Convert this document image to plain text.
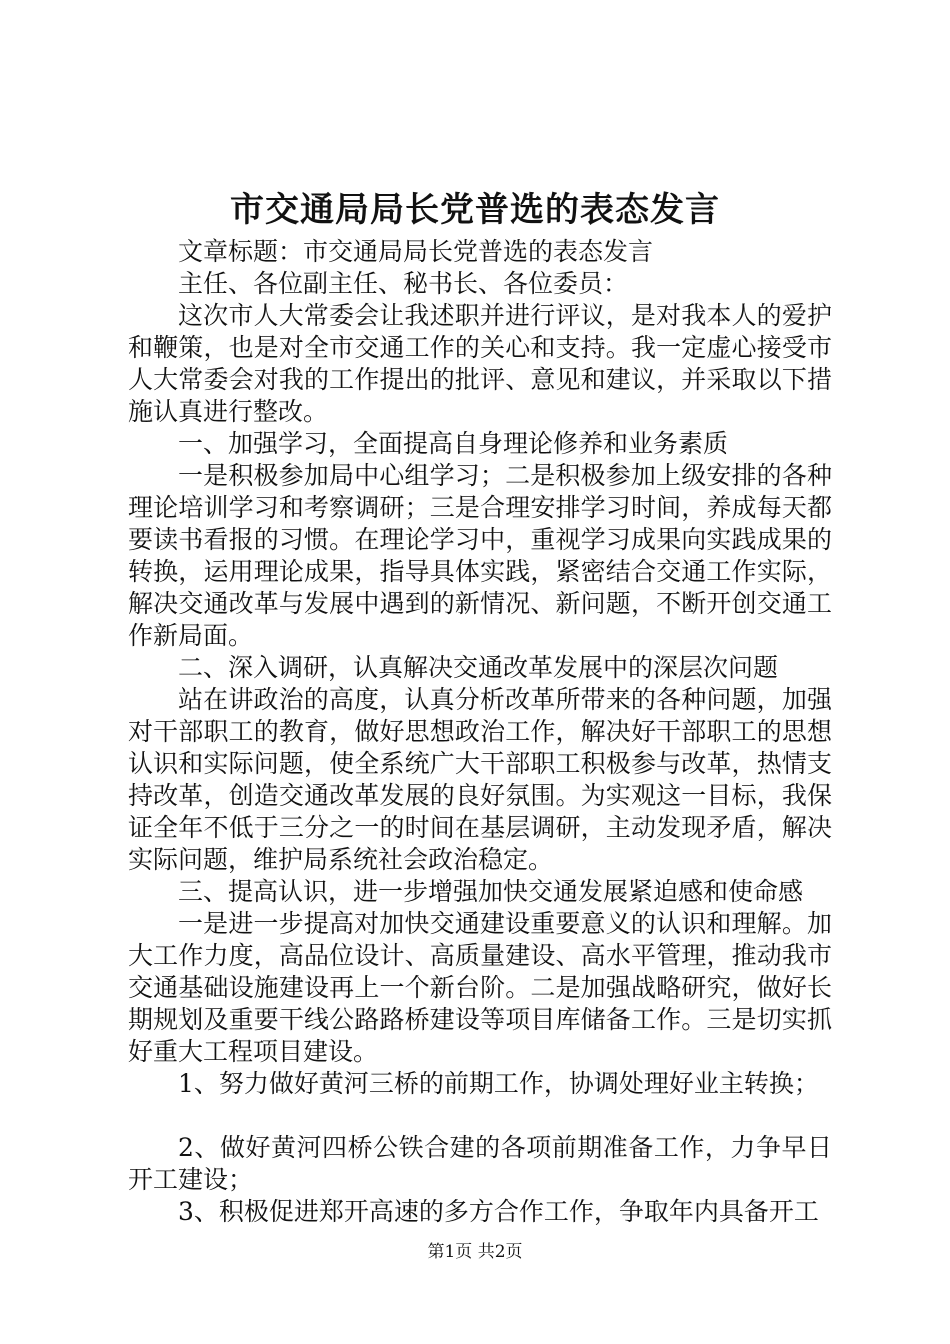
市交通局局长党普选的表态发言

文章标题：市交通局局长党普选的表态发言

主任、各位副主任、秘书长、各位委员：

这次市人大常委会让我述职并进行评议，是对我本人的爱护和鞭策，也是对全市交通工作的关心和支持。我一定虚心接受市人大常委会对我的工作提出的批评、意见和建议，并采取以下措施认真进行整改。

一、加强学习，全面提高自身理论修养和业务素质

一是积极参加局中心组学习；二是积极参加上级安排的各种理论培训学习和考察调研；三是合理安排学习时间，养成每天都要读书看报的习惯。在理论学习中，重视学习成果向实践成果的转换，运用理论成果，指导具体实践，紧密结合交通工作实际，解决交通改革与发展中遇到的新情况、新问题，不断开创交通工作新局面。

二、深入调研，认真解决交通改革发展中的深层次问题

站在讲政治的高度，认真分析改革所带来的各种问题，加强对干部职工的教育，做好思想政治工作，解决好干部职工的思想认识和实际问题，使全系统广大干部职工积极参与改革，热情支持改革，创造交通改革发展的良好氛围。为实观这一目标，我保证全年不低于三分之一的时间在基层调研，主动发现矛盾，解决实际问题，维护局系统社会政治稳定。

三、提高认识，进一步增强加快交通发展紧迫感和使命感

一是进一步提高对加快交通建设重要意义的认识和理解。加大工作力度，高品位设计、高质量建设、高水平管理，推动我市交通基础设施建设再上一个新台阶。二是加强战略研究，做好长期规划及重要干线公路路桥建设等项目库储备工作。三是切实抓好重大工程项目建设。

1、努力做好黄河三桥的前期工作，协调处理好业主转换；

2、做好黄河四桥公铁合建的各项前期准备工作，力争早日开工建设；

3、积极促进郑开高速的多方合作工作，争取年内具备开工

第1页 共2页
